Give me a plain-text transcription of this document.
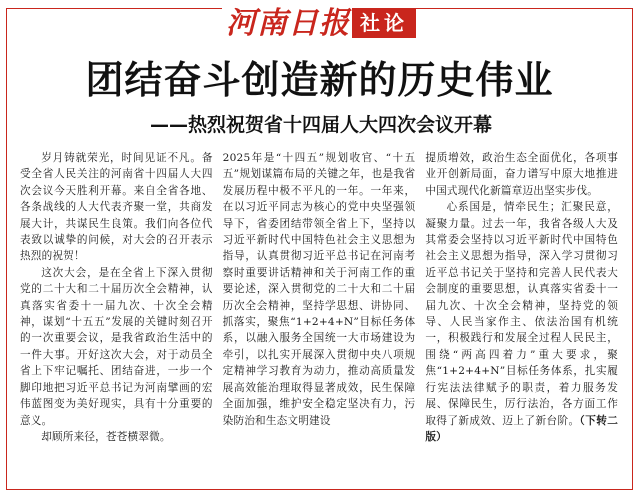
河南日报 社论
团结奋斗创造新的历史伟业
——热烈祝贺省十四届人大四次会议开幕

岁月铸就荣光，时间见证不凡。备受全省人民关注的河南省十四届人大四次会议今天胜利开幕。来自全省各地、各条战线的人大代表齐聚一堂，共商发展大计，共谋民生良策。我们向各位代表致以诚挚的问候，对大会的召开表示热烈的祝贺！

这次大会，是在全省上下深入贯彻党的二十大和二十届历次全会精神，认真落实省委十一届九次、十次全会精神，谋划“十五五”发展的关键时刻召开的一次重要会议，是我省政治生活中的一件大事。开好这次大会，对于动员全省上下牢记嘱托、团结奋进，一步一个脚印地把习近平总书记为河南擘画的宏伟蓝图变为美好现实，具有十分重要的意义。

却顾所来径，苍苍横翠微。

2025年是“十四五”规划收官、“十五五”规划谋篇布局的关键之年，也是我省发展历程中极不平凡的一年。一年来，在以习近平同志为核心的党中央坚强领导下，省委团结带领全省上下，坚持以习近平新时代中国特色社会主义思想为指导，认真贯彻习近平总书记在河南考察时重要讲话精神和关于河南工作的重要论述，深入贯彻党的二十大和二十届历次全会精神，坚持学思想、讲协同、抓落实，聚焦“1+2+4+N”目标任务体系，以融入服务全国统一大市场建设为牵引，以扎实开展深入贯彻中央八项规定精神学习教育为动力，推动高质量发展高效能治理取得显著成效，民生保障全面加强，维护安全稳定坚决有力，污染防治和生态文明建设

提质增效，政治生态全面优化，各项事业开创新局面，奋力谱写中原大地推进中国式现代化新篇章迈出坚实步伐。

心系国是，情牵民生；汇聚民意，凝聚力量。过去一年，我省各级人大及其常委会坚持以习近平新时代中国特色社会主义思想为指导，深入学习贯彻习近平总书记关于坚持和完善人民代表大会制度的重要思想，认真落实省委十一届九次、十次全会精神，坚持党的领导、人民当家作主、依法治国有机统一，积极践行和发展全过程人民民主，围绕“两高四着力”重大要求，聚焦“1+2+4+N”目标任务体系，扎实履行宪法法律赋予的职责，着力服务发展、保障民生，厉行法治，各方面工作取得了新成效、迈上了新台阶。（下转二版）
